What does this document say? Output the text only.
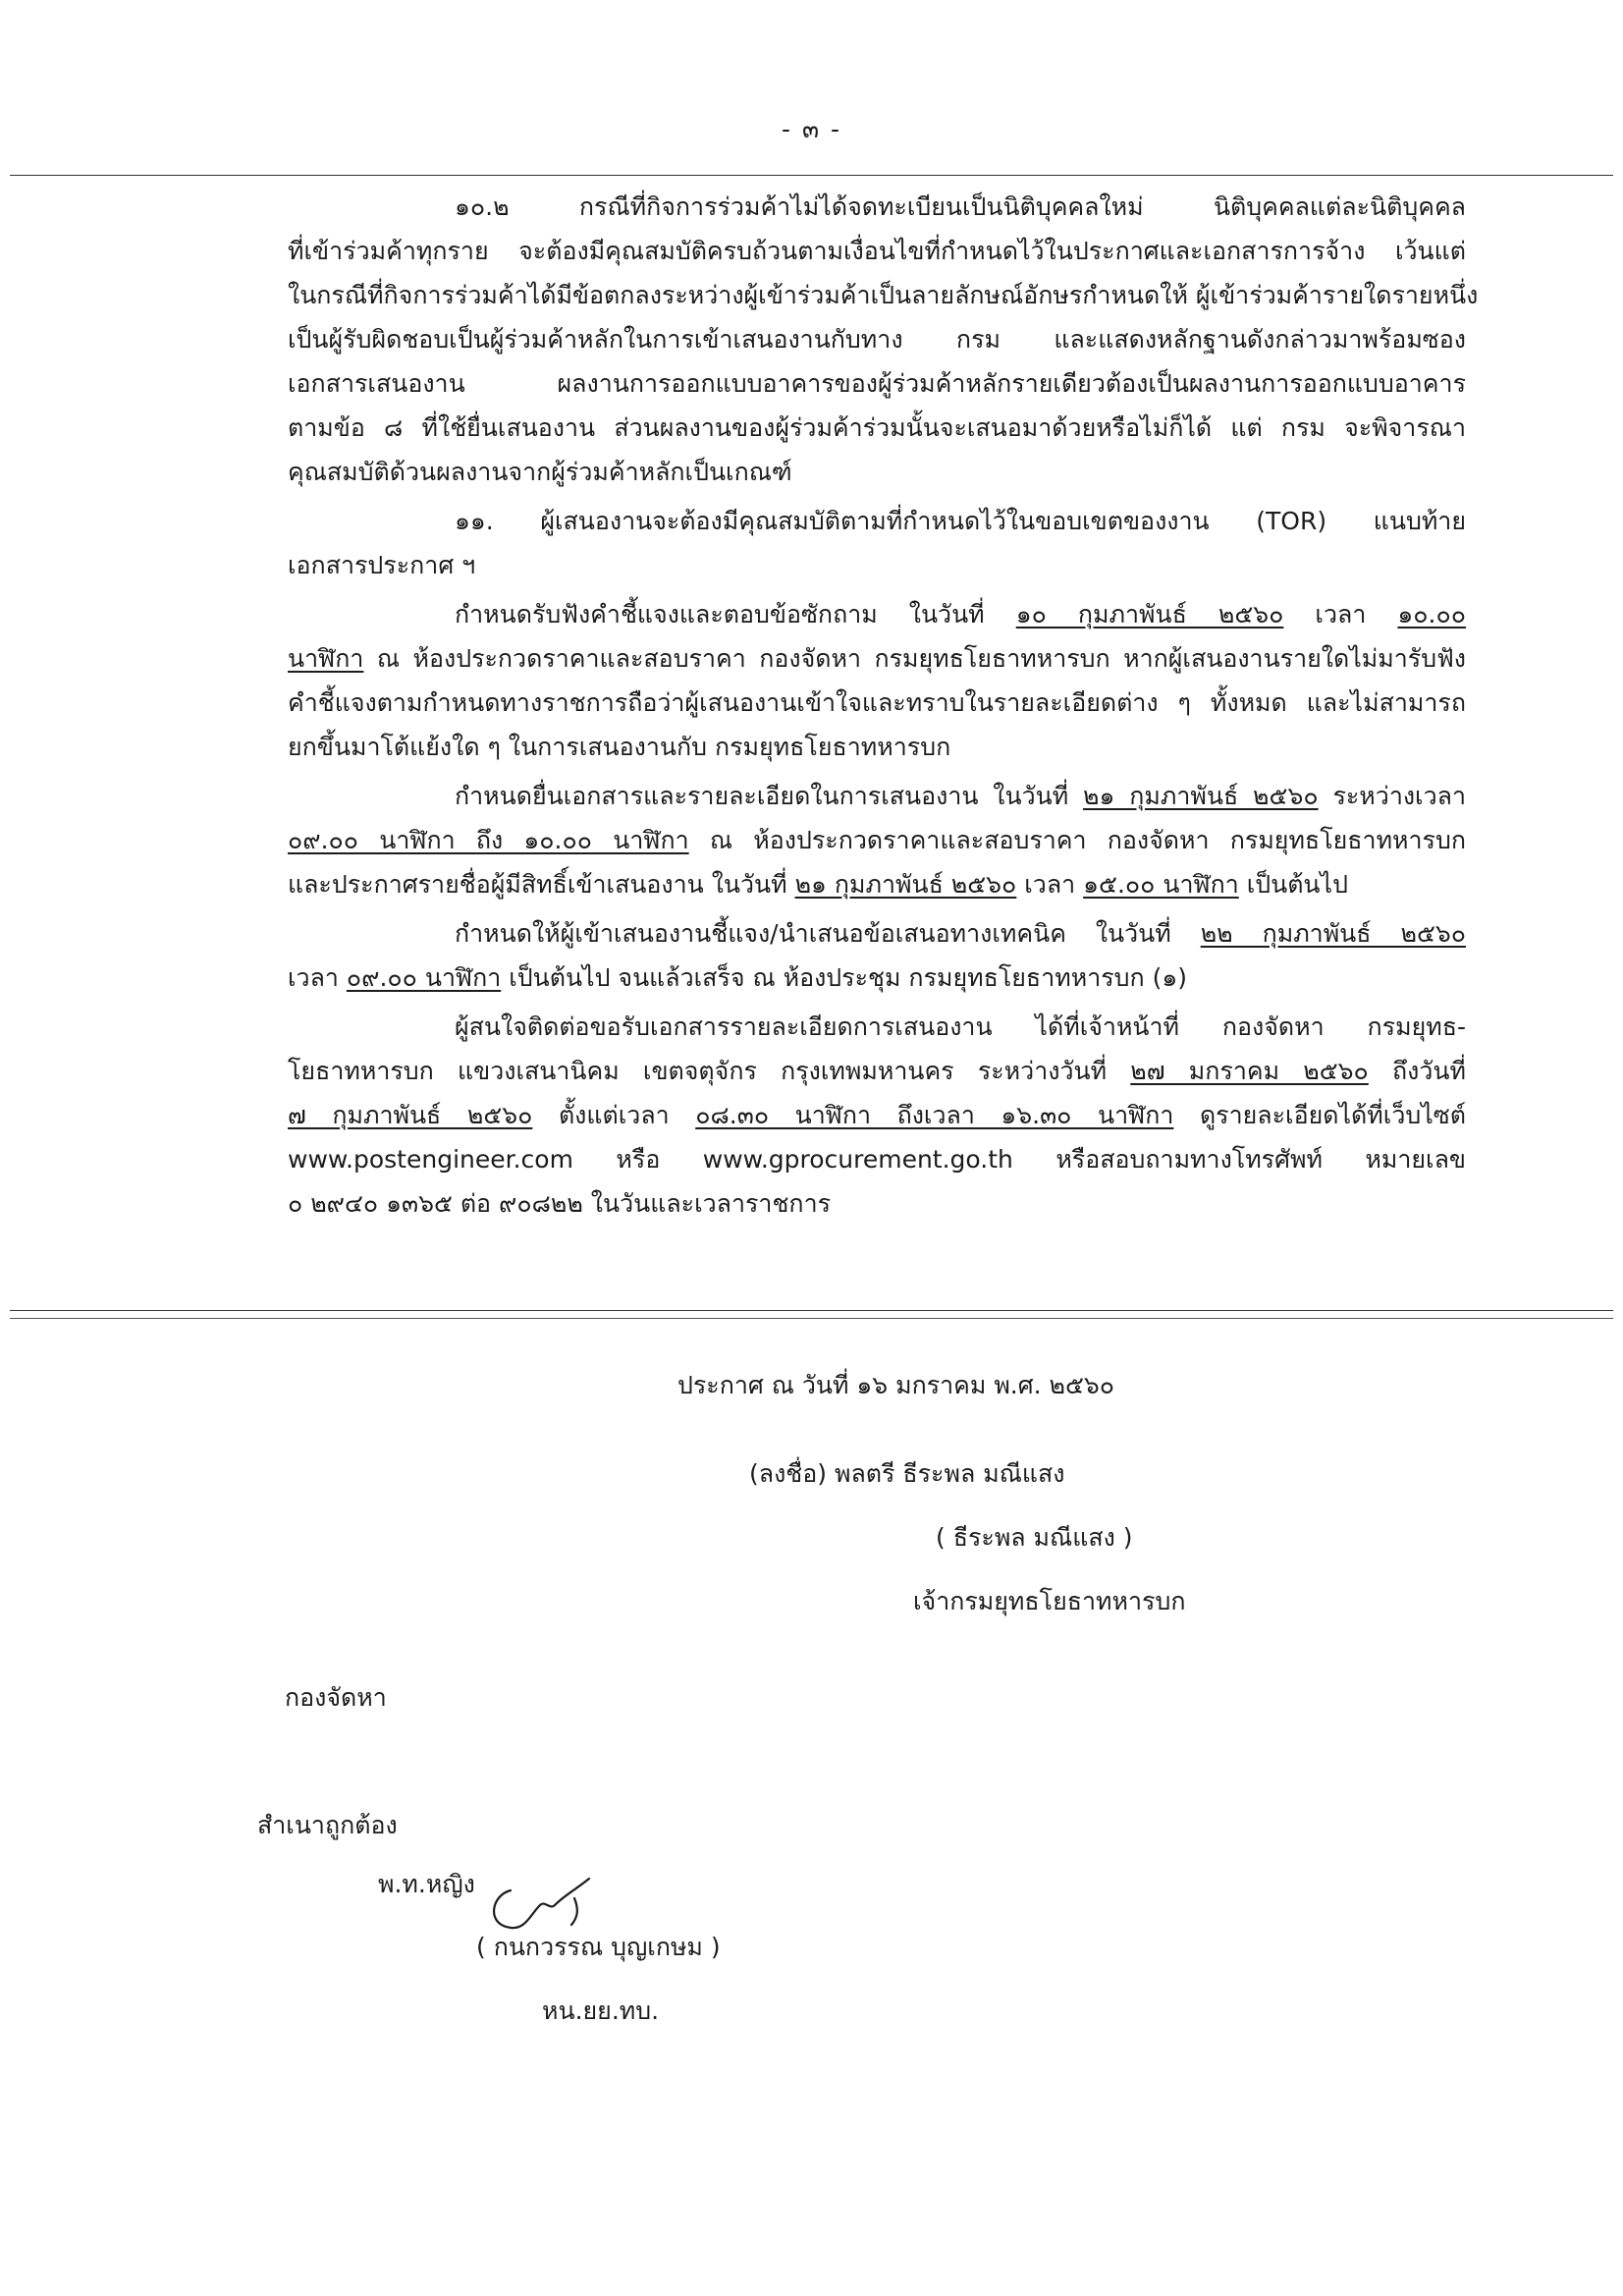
- ๓ -
๑๐.๒ กรณีที่กิจการร่วมค้าไม่ได้จดทะเบียนเป็นนิติบุคคลใหม่ นิติบุคคลแต่ละนิติบุคคล
ที่เข้าร่วมค้าทุกราย จะต้องมีคุณสมบัติครบถ้วนตามเงื่อนไขที่กำหนดไว้ในประกาศและเอกสารการจ้าง เว้นแต่
ในกรณีที่กิจการร่วมค้าได้มีข้อตกลงระหว่างผู้เข้าร่วมค้าเป็นลายลักษณ์อักษรกำหนดให้ ผู้เข้าร่วมค้ารายใดรายหนึ่ง
เป็นผู้รับผิดชอบเป็นผู้ร่วมค้าหลักในการเข้าเสนองานกับทาง กรม และแสดงหลักฐานดังกล่าวมาพร้อมซอง
เอกสารเสนองาน ผลงานการออกแบบอาคารของผู้ร่วมค้าหลักรายเดียวต้องเป็นผลงานการออกแบบอาคาร
ตามข้อ ๘ ที่ใช้ยื่นเสนองาน ส่วนผลงานของผู้ร่วมค้าร่วมนั้นจะเสนอมาด้วยหรือไม่ก็ได้ แต่ กรม จะพิจารณา
คุณสมบัติด้วนผลงานจากผู้ร่วมค้าหลักเป็นเกณฑ์
๑๑. ผู้เสนองานจะต้องมีคุณสมบัติตามที่กำหนดไว้ในขอบเขตของงาน (TOR) แนบท้าย
เอกสารประกาศ ฯ
กำหนดรับฟังคำชี้แจงและตอบข้อซักถาม ในวันที่ ๑๐ กุมภาพันธ์ ๒๕๖๐ เวลา ๑๐.๐๐
นาฬิกา ณ ห้องประกวดราคาและสอบราคา กองจัดหา กรมยุทธโยธาทหารบก หากผู้เสนองานรายใดไม่มารับฟัง
คำชี้แจงตามกำหนดทางราชการถือว่าผู้เสนองานเข้าใจและทราบในรายละเอียดต่าง ๆ ทั้งหมด และไม่สามารถ
ยกขึ้นมาโต้แย้งใด ๆ ในการเสนองานกับ กรมยุทธโยธาทหารบก
กำหนดยื่นเอกสารและรายละเอียดในการเสนองาน ในวันที่ ๒๑ กุมภาพันธ์ ๒๕๖๐ ระหว่างเวลา
๐๙.๐๐ นาฬิกา ถึง ๑๐.๐๐ นาฬิกา ณ ห้องประกวดราคาและสอบราคา กองจัดหา กรมยุทธโยธาทหารบก
และประกาศรายชื่อผู้มีสิทธิ์เข้าเสนองาน ในวันที่ ๒๑ กุมภาพันธ์ ๒๕๖๐ เวลา ๑๕.๐๐ นาฬิกา เป็นต้นไป
กำหนดให้ผู้เข้าเสนองานชี้แจง/นำเสนอข้อเสนอทางเทคนิค ในวันที่ ๒๒ กุมภาพันธ์ ๒๕๖๐
เวลา ๐๙.๐๐ นาฬิกา เป็นต้นไป จนแล้วเสร็จ ณ ห้องประชุม กรมยุทธโยธาทหารบก (๑)
ผู้สนใจติดต่อขอรับเอกสารรายละเอียดการเสนองาน ได้ที่เจ้าหน้าที่ กองจัดหา กรมยุทธ-
โยธาทหารบก แขวงเสนานิคม เขตจตุจักร กรุงเทพมหานคร ระหว่างวันที่ ๒๗ มกราคม ๒๕๖๐ ถึงวันที่
๗ กุมภาพันธ์ ๒๕๖๐ ตั้งแต่เวลา ๐๘.๓๐ นาฬิกา ถึงเวลา ๑๖.๓๐ นาฬิกา ดูรายละเอียดได้ที่เว็บไซต์
www.postengineer.com หรือ www.gprocurement.go.th หรือสอบถามทางโทรศัพท์ หมายเลข
๐ ๒๙๔๐ ๑๓๖๕ ต่อ ๙๐๘๒๒ ในวันและเวลาราชการ
ประกาศ ณ วันที่ ๑๖ มกราคม พ.ศ. ๒๕๖๐
(ลงชื่อ) พลตรี ธีระพล มณีแสง
( ธีระพล มณีแสง )
เจ้ากรมยุทธโยธาทหารบก
กองจัดหา
สำเนาถูกต้อง
พ.ท.หญิง
( กนกวรรณ บุญเกษม )
หน.ยย.ทบ.
